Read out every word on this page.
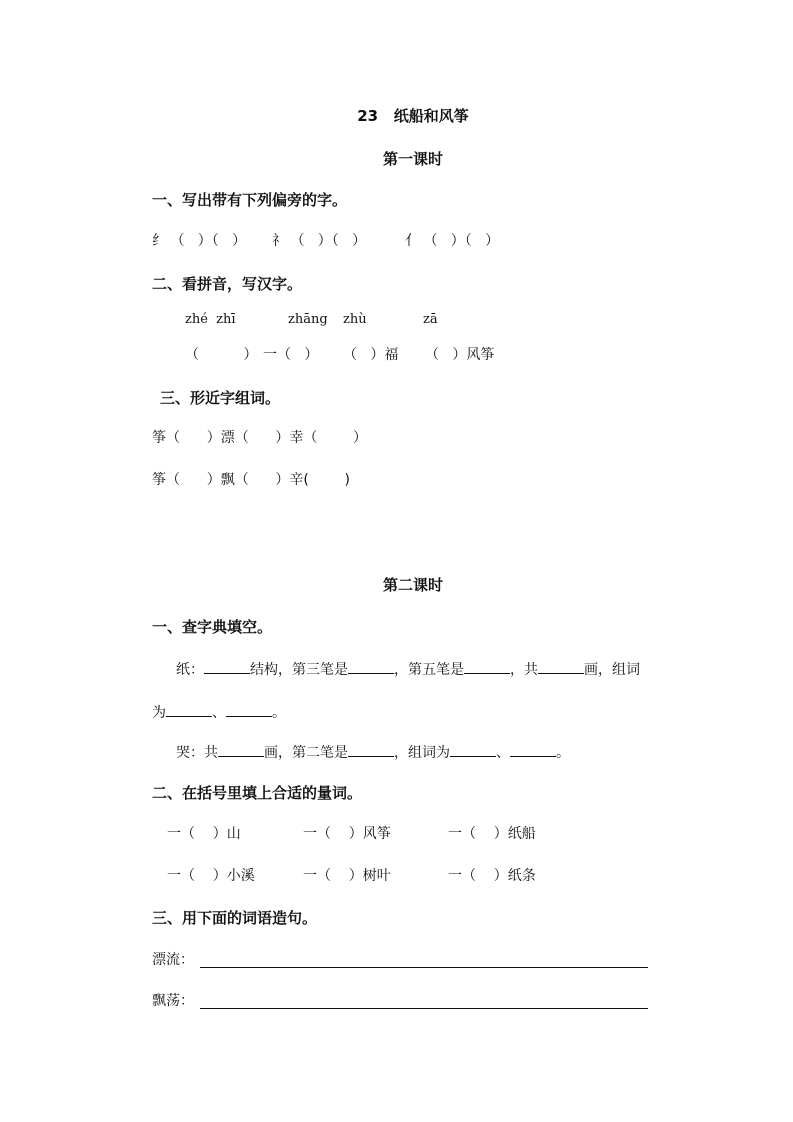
23   纸船和风筝
第一课时
一、写出带有下列偏旁的字。
纟 （   ）（   ） 礻 （   ）（   ）	亻 （   ）（   ）
二、看拼音，写汉字。
zhé  zhī	zhāng zhù	zā
（          ） 一（   ） （   ）福 （   ）风筝
三、形近字组词。
筝（      ）漂（      ）幸（        ）
筝（      ）飘（      ）辛(        )
第二课时
一、查字典填空。
纸：	结构，第三笔是	，第五笔是	，共	画，组词
为	、	。
哭：共	画，第二笔是	，组词为	、	。
二、在括号里填上合适的量词。
一（    ）山	一（    ）风筝	一（    ）纸船
一（    ）小溪	一（    ）树叶	一（    ）纸条
三、用下面的词语造句。
漂流：
飘荡：
